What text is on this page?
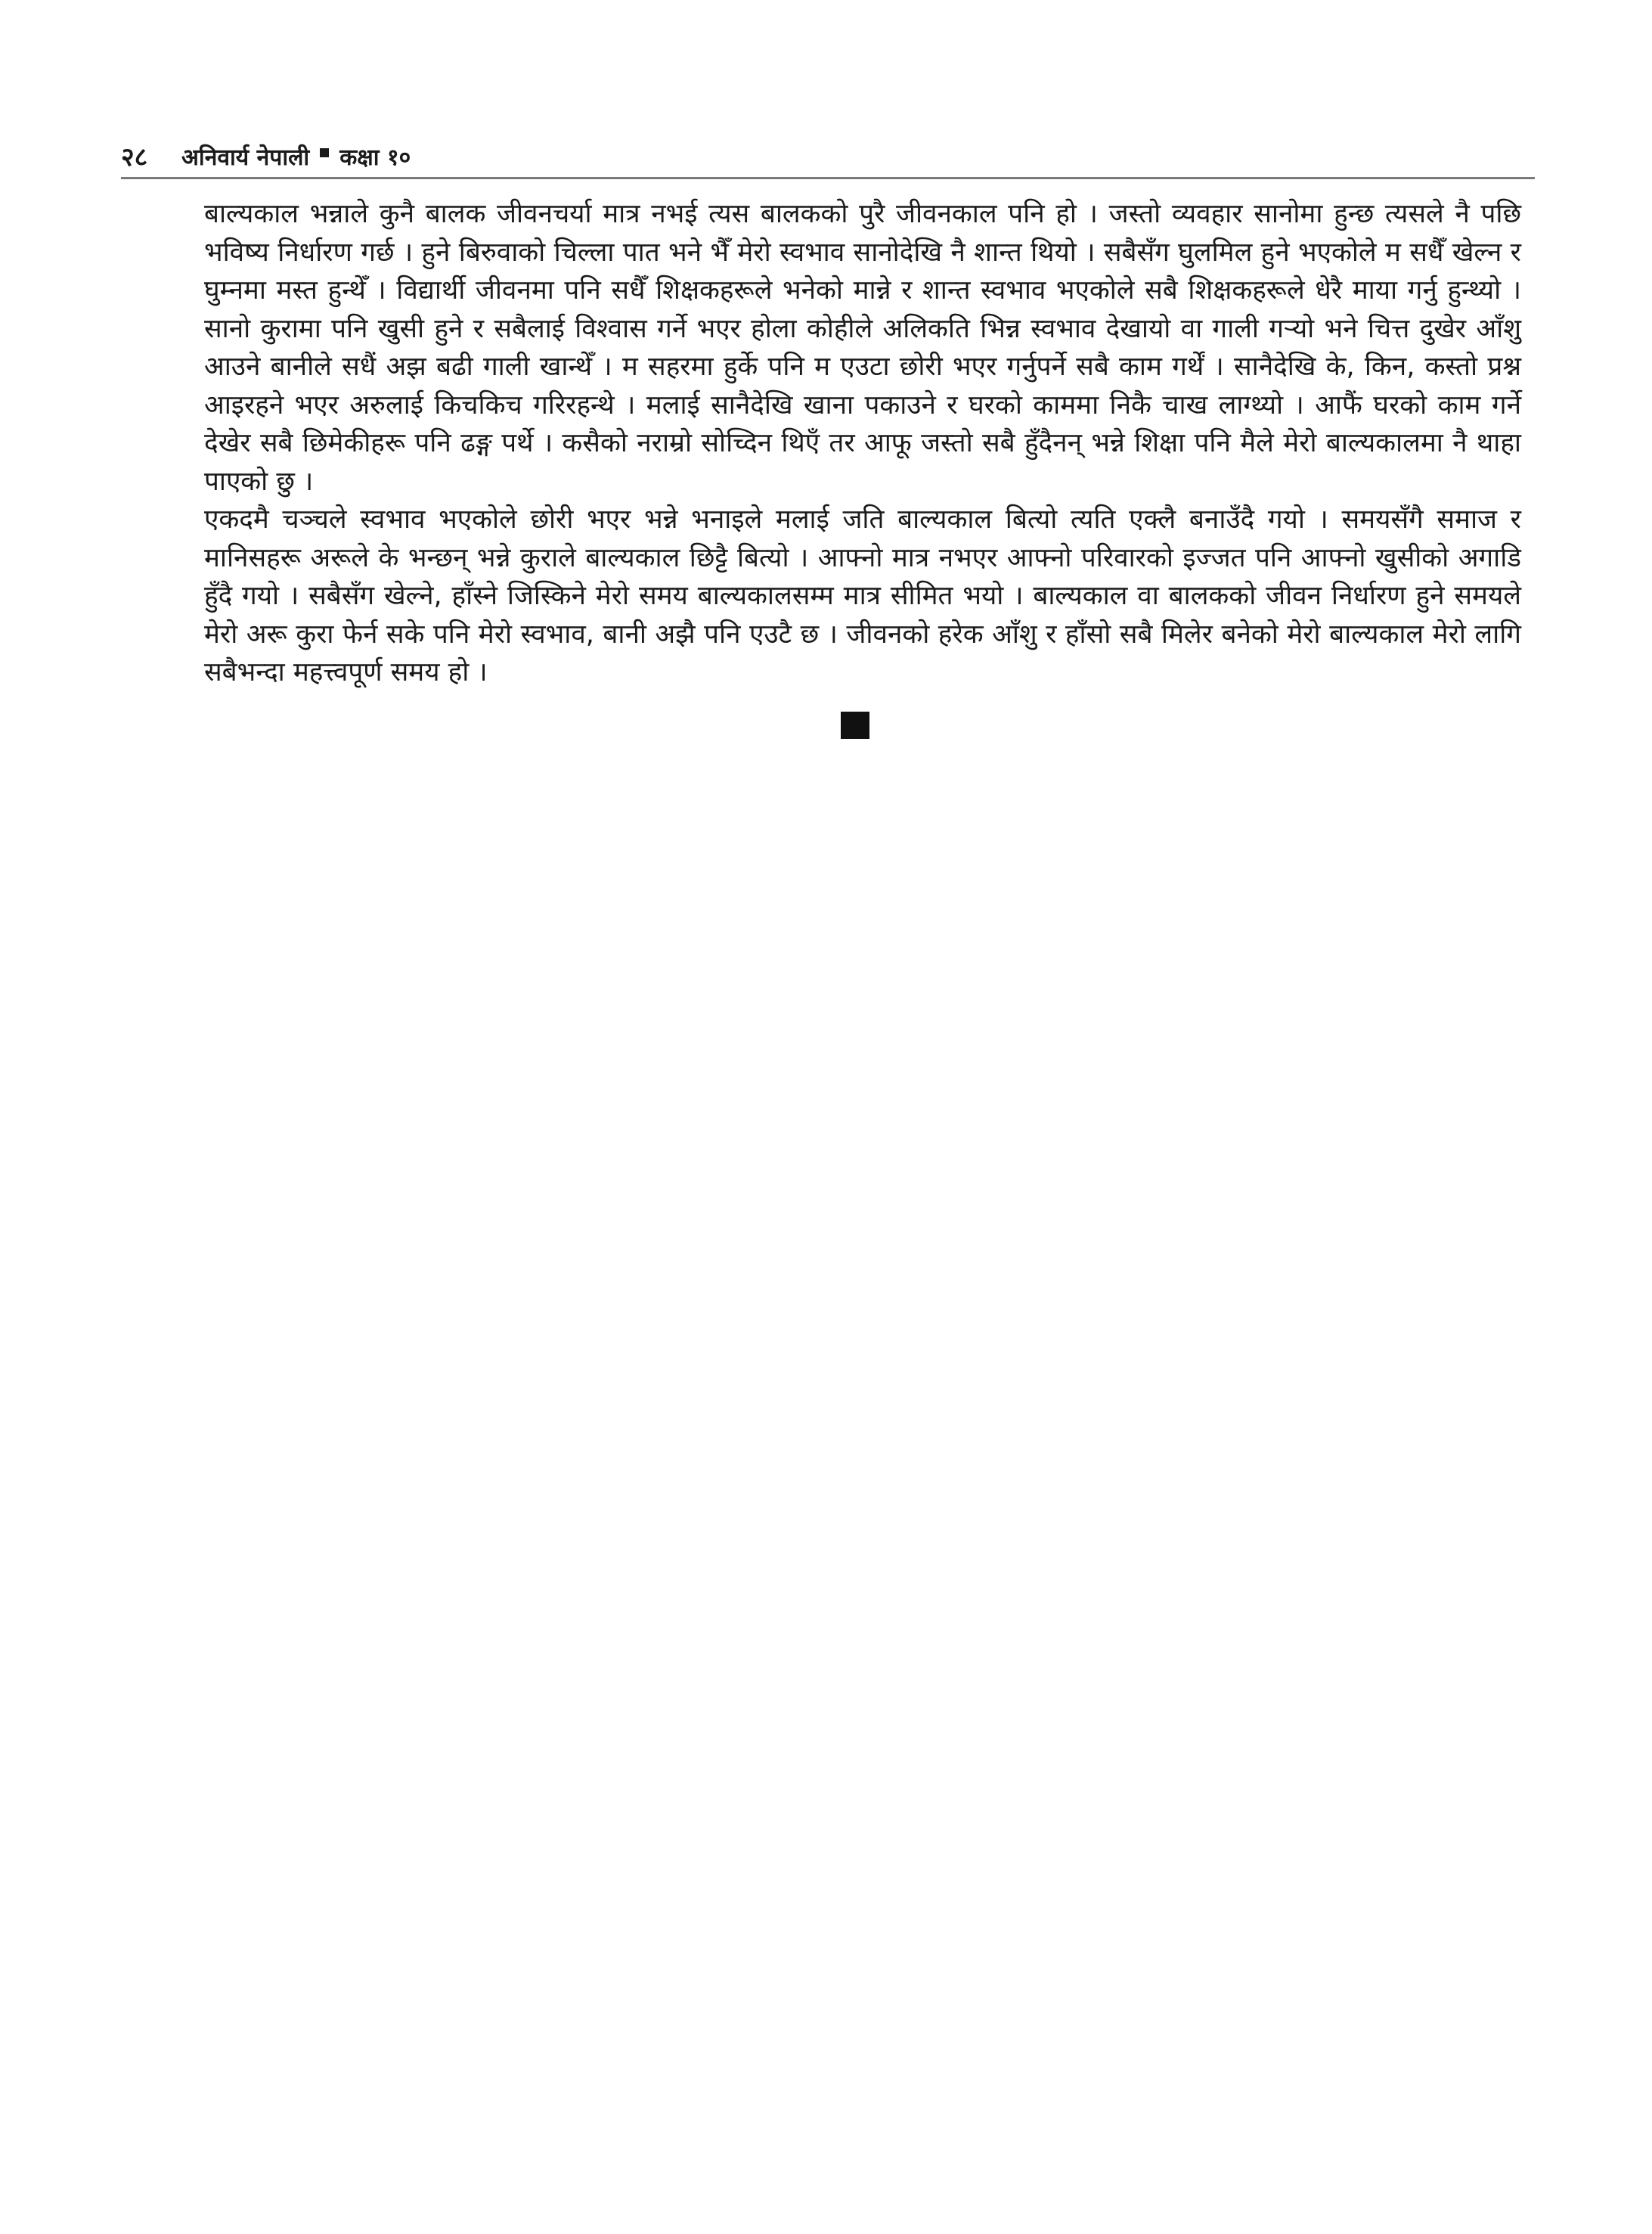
२८	अनिवार्य नेपाली कक्षा १०

बाल्यकाल भन्नाले कुनै बालक जीवनचर्या मात्र नभई त्यस बालकको पुरै जीवनकाल पनि हो । जस्तो व्यवहार सानोमा हुन्छ त्यसले नै पछि भविष्य निर्धारण गर्छ । हुने बिरुवाको चिल्ला पात भने भैँ मेरो स्वभाव सानोदेखि नै शान्त थियो । सबैसँग घुलमिल हुने भएकोले म सधैँ खेल्न र घुम्नमा मस्त हुन्थेँ । विद्यार्थी जीवनमा पनि सधैँ शिक्षकहरूले भनेको मान्ने र शान्त स्वभाव भएकोले सबै शिक्षकहरूले धेरै माया गर्नु हुन्थ्यो । सानो कुरामा पनि खुसी हुने र सबैलाई विश्वास गर्ने भएर होला कोहीले अलिकति भिन्न स्वभाव देखायो वा गाली गऱ्यो भने चित्त दुखेर आँशु आउने बानीले सधैं अझ बढी गाली खान्थेँ । म सहरमा हुर्के पनि म एउटा छोरी भएर गर्नुपर्ने सबै काम गर्थें । सानैदेखि के, किन, कस्तो प्रश्न आइरहने भएर अरुलाई किचकिच गरिरहन्थे । मलाई सानैदेखि खाना पकाउने र घरको काममा निकै चाख लाग्थ्यो । आफैं घरको काम गर्ने देखेर सबै छिमेकीहरू पनि ढङ्ग पर्थे । कसैको नराम्रो सोच्दिन थिएँ तर आफू जस्तो सबै हुँदैनन् भन्ने शिक्षा पनि मैले मेरो बाल्यकालमा नै थाहा पाएको छु ।

एकदमै चञ्चले स्वभाव भएकोले छोरी भएर भन्ने भनाइले मलाई जति बाल्यकाल बित्यो त्यति एक्लै बनाउँदै गयो । समयसँगै समाज र मानिसहरू अरूले के भन्छन् भन्ने कुराले बाल्यकाल छिट्टै बित्यो । आफ्नो मात्र नभएर आफ्नो परिवारको इज्जत पनि आफ्नो खुसीको अगाडि हुँदै गयो । सबैसँग खेल्ने, हाँस्ने जिस्किने मेरो समय बाल्यकालसम्म मात्र सीमित भयो । बाल्यकाल वा बालकको जीवन निर्धारण हुने समयले मेरो अरू कुरा फेर्न सके पनि मेरो स्वभाव, बानी अझै पनि एउटै छ । जीवनको हरेक आँशु र हाँसो सबै मिलेर बनेको मेरो बाल्यकाल मेरो लागि सबैभन्दा महत्त्वपूर्ण समय हो ।
